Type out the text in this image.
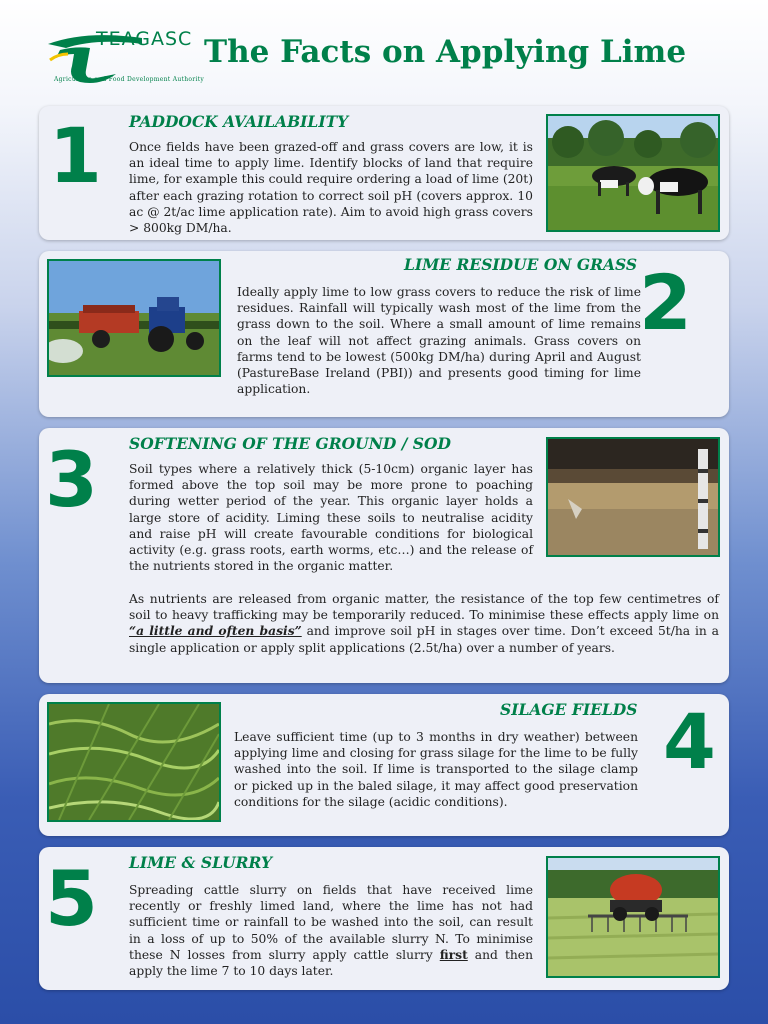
TEAGASC
Agriculture and Food Development Authority
The Facts on Applying Lime
1 PADDOCK AVAILABILITY
Once fields have been grazed-off and grass covers are low, it is an ideal time to apply lime. Identify blocks of land that require lime, for example this could require ordering a load of lime (20t) after each grazing rotation to correct soil pH (covers approx. 10 ac @ 2t/ac lime application rate). Aim to avoid high grass covers > 800kg DM/ha.
LIME RESIDUE ON GRASS 2
Ideally apply lime to low grass covers to reduce the risk of lime residues. Rainfall will typically wash most of the lime from the grass down to the soil. Where a small amount of lime remains on the leaf will not affect grazing animals. Grass covers on farms tend to be lowest (500kg DM/ha) during April and August (PastureBase Ireland (PBI)) and presents good timing for lime application.
3 SOFTENING OF THE GROUND / SOD
Soil types where a relatively thick (5-10cm) organic layer has formed above the top soil may be more prone to poaching during wetter period of the year. This organic layer holds a large store of acidity. Liming these soils to neutralise acidity and raise pH will create favourable conditions for biological activity (e.g. grass roots, earth worms, etc…) and the release of the nutrients stored in the organic matter.
As nutrients are released from organic matter, the resistance of the top few centimetres of soil to heavy trafficking may be temporarily reduced. To minimise these effects apply lime on “a little and often basis” and improve soil pH in stages over time. Don’t exceed 5t/ha in a single application or apply split applications (2.5t/ha) over a number of years.
SILAGE FIELDS 4
Leave sufficient time (up to 3 months in dry weather) between applying lime and closing for grass silage for the lime to be fully washed into the soil. If lime is transported to the silage clamp or picked up in the baled silage, it may affect good preservation conditions for the silage (acidic conditions).
5 LIME & SLURRY
Spreading cattle slurry on fields that have received lime recently or freshly limed land, where the lime has not had sufficient time or rainfall to be washed into the soil, can result in a loss of up to 50% of the available slurry N. To minimise these N losses from slurry apply cattle slurry first and then apply the lime 7 to 10 days later.
